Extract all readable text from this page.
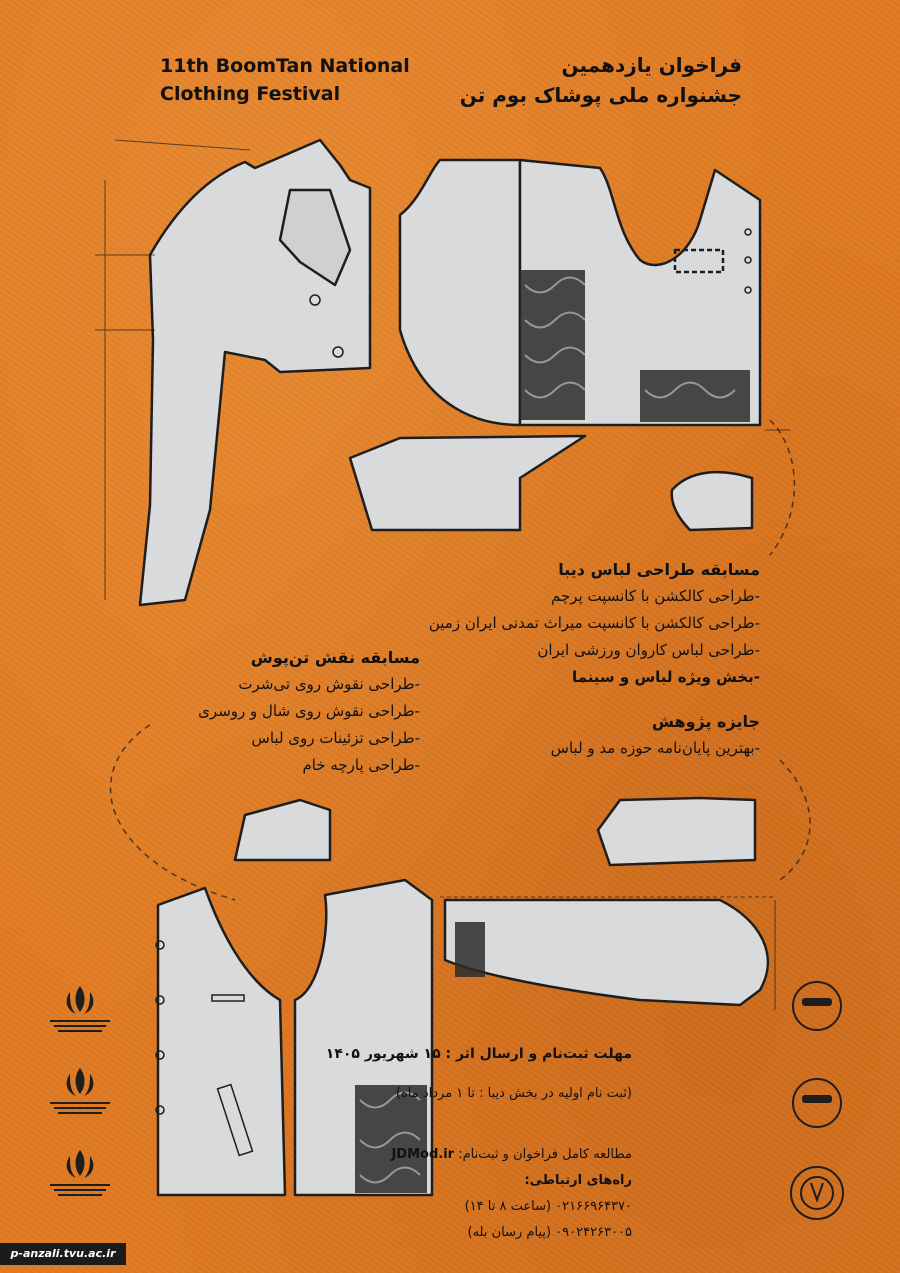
11th BoomTan National
Clothing Festival
فراخوان یازدهمین
جشنواره ملی پوشاک بوم تن
مسابقه طراحی لباس دیبا
-طراحی کالکشن با کانسپت پرچم
-طراحی کالکشن با کانسپت میراث تمدنی ایران زمین
-طراحی لباس کاروان ورزشی ایران
-بخش ویژه لباس و سینما
جایزه پژوهش
-بهترین پایان‌نامه حوزه مد و لباس
مسابقه نقش تن‌پوش
-طراحی نقوش روی تی‌شرت
-طراحی نقوش روی شال و روسری
-طراحی تزئینات روی لباس
-طراحی پارچه خام
مهلت ثبت‌نام و ارسال اثر : ۱۵ شهریور ۱۴۰۵
(ثبت نام اولیه در بخش دیبا : تا ۱ مرداد ماه)
مطالعه کامل فراخوان و ثبت‌نام: JDMod.ir
راه‌های ارتباطی:
۰۲۱۶۶۹۶۴۳۷۰ (ساعت ۸ تا ۱۴)
۰۹۰۲۴۲۶۳۰۰۵ (پیام رسان بله)
p-anzali.tvu.ac.ir
